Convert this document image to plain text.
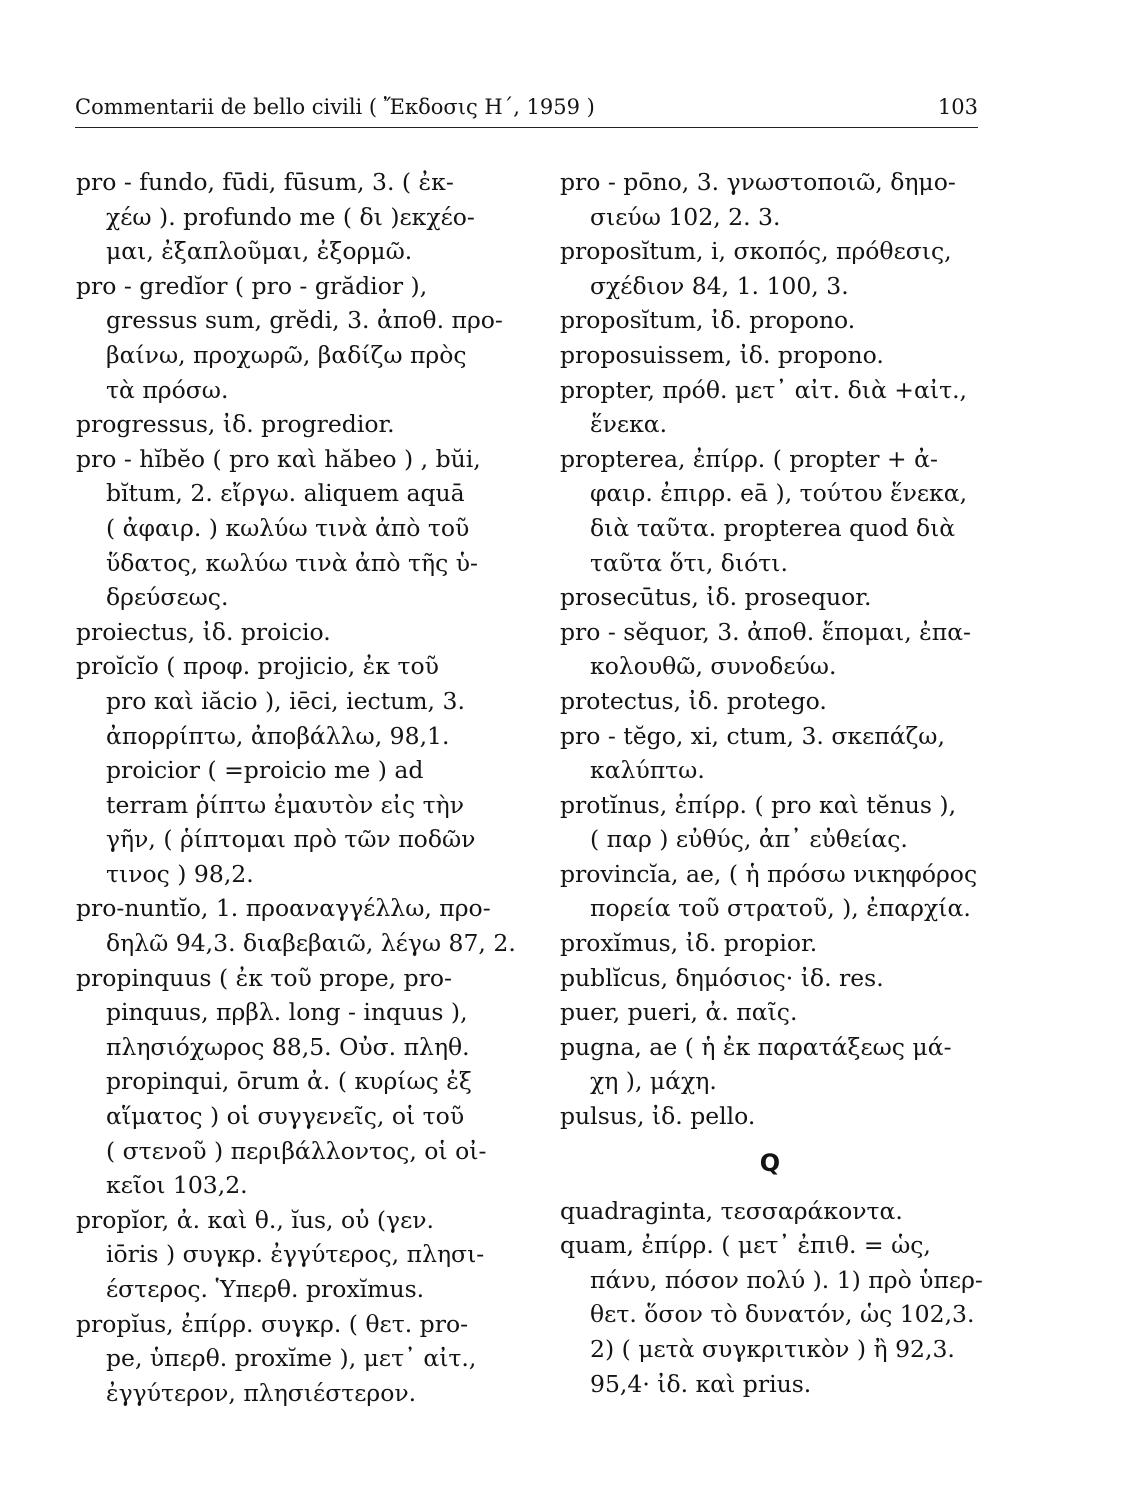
Commentarii de bello civili ( Ἔκδοσις Η΄, 1959 )	103
pro - fundo, fūdi, fūsum, 3. ( ἐκ-
χέω ). profundo me ( δι )εκχέο-
μαι, ἐξαπλοῦμαι, ἐξορμῶ.
pro - gredĭor ( pro - grădior ),
gressus sum, grĕdi, 3. ἀποθ. προ-
βαίνω, προχωρῶ, βαδίζω πρὸς
τὰ πρόσω.
progressus, ἰδ. progredior.
pro - hĭbĕo ( pro καὶ hăbeo ) , bŭi,
bĭtum, 2. εἴργω. aliquem aquā
( ἀφαιρ. ) κωλύω τινὰ ἀπὸ τοῦ
ὕδατος, κωλύω τινὰ ἀπὸ τῆς ὑ-
δρεύσεως.
proiectus, ἰδ. proicio.
proĭcĭo ( προφ. projicio, ἐκ τοῦ
pro καὶ iăcio ), iēci, iectum, 3.
ἀπορρίπτω, ἀποβάλλω, 98,1.
proicior ( =proicio me ) ad
terram ῥίπτω ἐμαυτὸν εἰς τὴν
γῆν, ( ῥίπτομαι πρὸ τῶν ποδῶν
τινος ) 98,2.
pro-nuntĭo, 1. προαναγγέλλω, προ-
δηλῶ 94,3. διαβεβαιῶ, λέγω 87, 2.
propinquus ( ἐκ τοῦ prope, pro-
pinquus, πρβλ. long - inquus ),
πλησιόχωρος 88,5. Οὐσ. πληθ.
propinqui, ōrum ἀ. ( κυρίως ἐξ
αἵματος ) οἱ συγγενεῖς, οἱ τοῦ
( στενοῦ ) περιβάλλοντος, οἱ οἰ-
κεῖοι 103,2.
propĭor, ἀ. καὶ θ., ĭus, οὐ (γεν.
iōris ) συγκρ. ἐγγύτερος, πλησι-
έστερος. Ὑπερθ. proxĭmus.
propĭus, ἐπίρρ. συγκρ. ( θετ. pro-
pe, ὑπερθ. proxĭme ), μετ᾽ αἰτ.,
ἐγγύτερον, πλησιέστερον.
pro - pōno, 3. γνωστοποιῶ, δημο-
σιεύω 102, 2. 3.
proposĭtum, i, σκοπός, πρόθεσις,
σχέδιον 84, 1. 100, 3.
proposĭtum, ἰδ. propono.
proposuissem, ἰδ. propono.
propter, πρόθ. μετ᾽ αἰτ. διὰ +αἰτ.,
ἕνεκα.
propterea, ἐπίρρ. ( propter + ἀ-
φαιρ. ἐπιρρ. eā ), τούτου ἕνεκα,
διὰ ταῦτα. propterea quod διὰ
ταῦτα ὅτι, διότι.
prosecūtus, ἰδ. prosequor.
pro - sĕquor, 3. ἀποθ. ἕπομαι, ἐπα-
κολουθῶ, συνοδεύω.
protectus, ἰδ. protego.
pro - tĕgo, xi, ctum, 3. σκεπάζω,
καλύπτω.
protĭnus, ἐπίρρ. ( pro καὶ tĕnus ),
( παρ ) εὐθύς, ἀπ᾽ εὐθείας.
provincĭa, ae, ( ἡ πρόσω νικηφόρος
πορεία τοῦ στρατοῦ, ), ἐπαρχία.
proxĭmus, ἰδ. propior.
publĭcus, δημόσιος· ἰδ. res.
puer, pueri, ἀ. παῖς.
pugna, ae ( ἡ ἐκ παρατάξεως μά-
χη ), μάχη.
pulsus, ἰδ. pello.
Q
quadraginta, τεσσαράκοντα.
quam, ἐπίρρ. ( μετ᾽ ἐπιθ. = ὡς,
πάνυ, πόσον πολύ ). 1) πρὸ ὑπερ-
θετ. ὅσον τὸ δυνατόν, ὡς 102,3.
2) ( μετὰ συγκριτικὸν ) ἢ 92,3.
95,4· ἰδ. καὶ prius.
